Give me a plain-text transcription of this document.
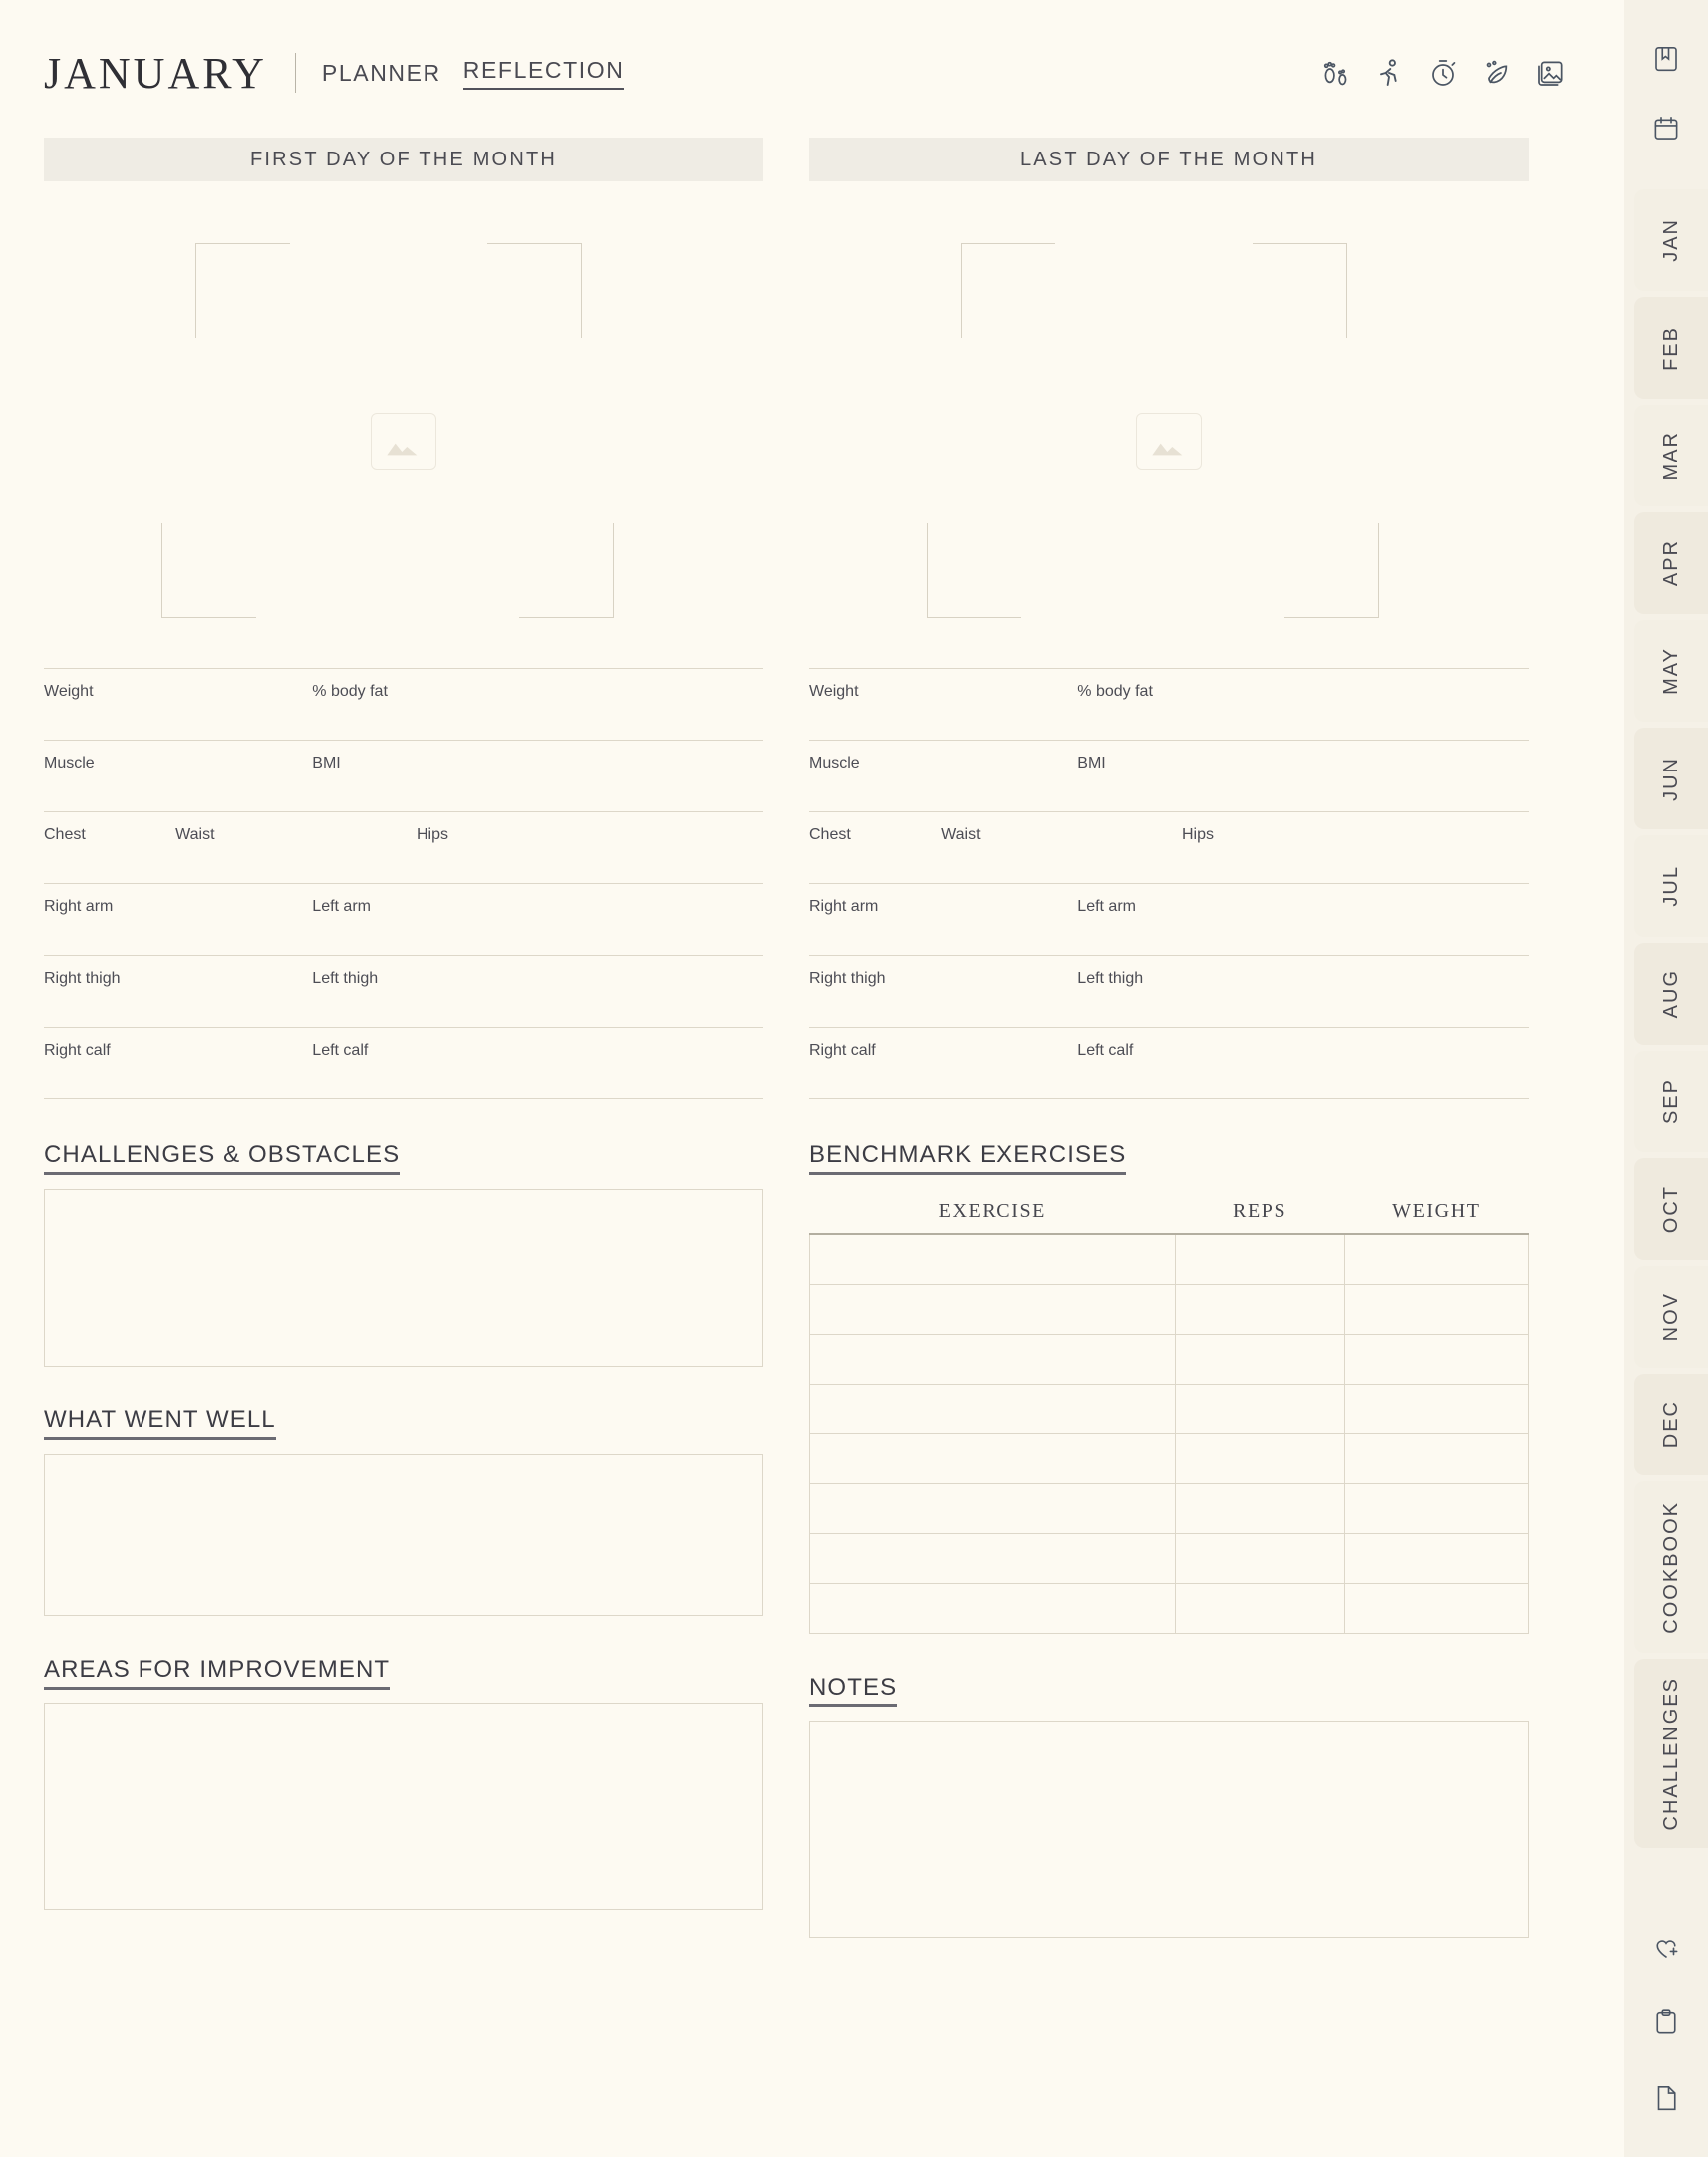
JANUARY PLANNER REFLECTION
FIRST DAY OF THE MONTH
Weight	% body fat
Muscle	BMI
Chest	Waist	Hips
Right arm	Left arm
Right thigh	Left thigh
Right calf	Left calf
CHALLENGES & OBSTACLES
WHAT WENT WELL
AREAS FOR IMPROVEMENT
LAST DAY OF THE MONTH
Weight	% body fat
Muscle	BMI
Chest	Waist	Hips
Right arm	Left arm
Right thigh	Left thigh
Right calf	Left calf
BENCHMARK EXERCISES
EXERCISE	REPS	WEIGHT

NOTES
JAN
FEB
MAR
APR
MAY
JUN
JUL
AUG
SEP
OCT
NOV
DEC
COOKBOOK
CHALLENGES
